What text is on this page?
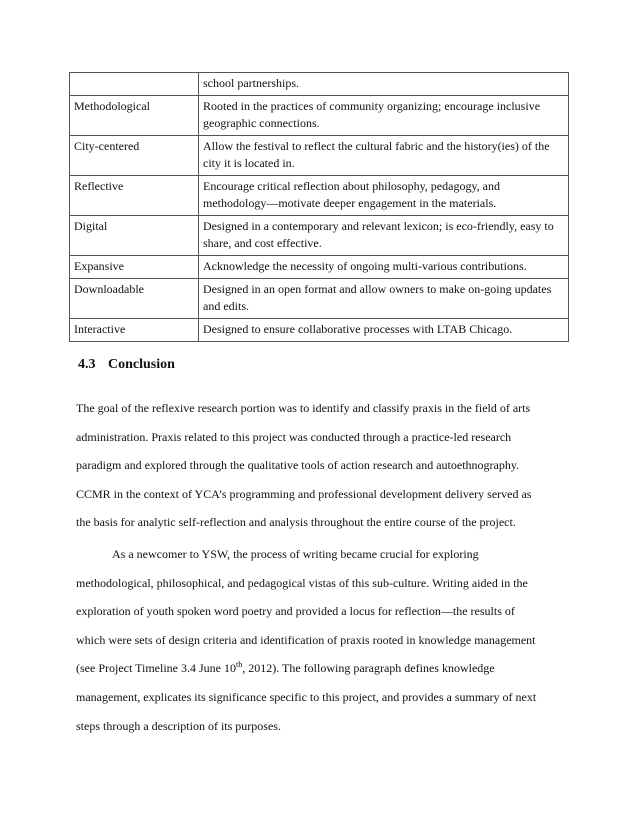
	school partnerships.
Methodological	Rooted in the practices of community organizing; encourage inclusive geographic connections.
City-centered	Allow the festival to reflect the cultural fabric and the history(ies) of the city it is located in.
Reflective	Encourage critical reflection about philosophy, pedagogy, and methodology—motivate deeper engagement in the materials.
Digital	Designed in a contemporary and relevant lexicon; is eco-friendly, easy to share, and cost effective.
Expansive	Acknowledge the necessity of ongoing multi-various contributions.
Downloadable	Designed in an open format and allow owners to make on-going updates and edits.
Interactive	Designed to ensure collaborative processes with LTAB Chicago.
4.3 Conclusion
The goal of the reflexive research portion was to identify and classify praxis in the field of arts
administration. Praxis related to this project was conducted through a practice-led research
paradigm and explored through the qualitative tools of action research and autoethnography.
CCMR in the context of YCA’s programming and professional development delivery served as
the basis for analytic self-reflection and analysis throughout the entire course of the project.
As a newcomer to YSW, the process of writing became crucial for exploring
methodological, philosophical, and pedagogical vistas of this sub-culture. Writing aided in the
exploration of youth spoken word poetry and provided a locus for reflection—the results of
which were sets of design criteria and identification of praxis rooted in knowledge management
(see Project Timeline 3.4 June 10th, 2012). The following paragraph defines knowledge
management, explicates its significance specific to this project, and provides a summary of next
steps through a description of its purposes.
